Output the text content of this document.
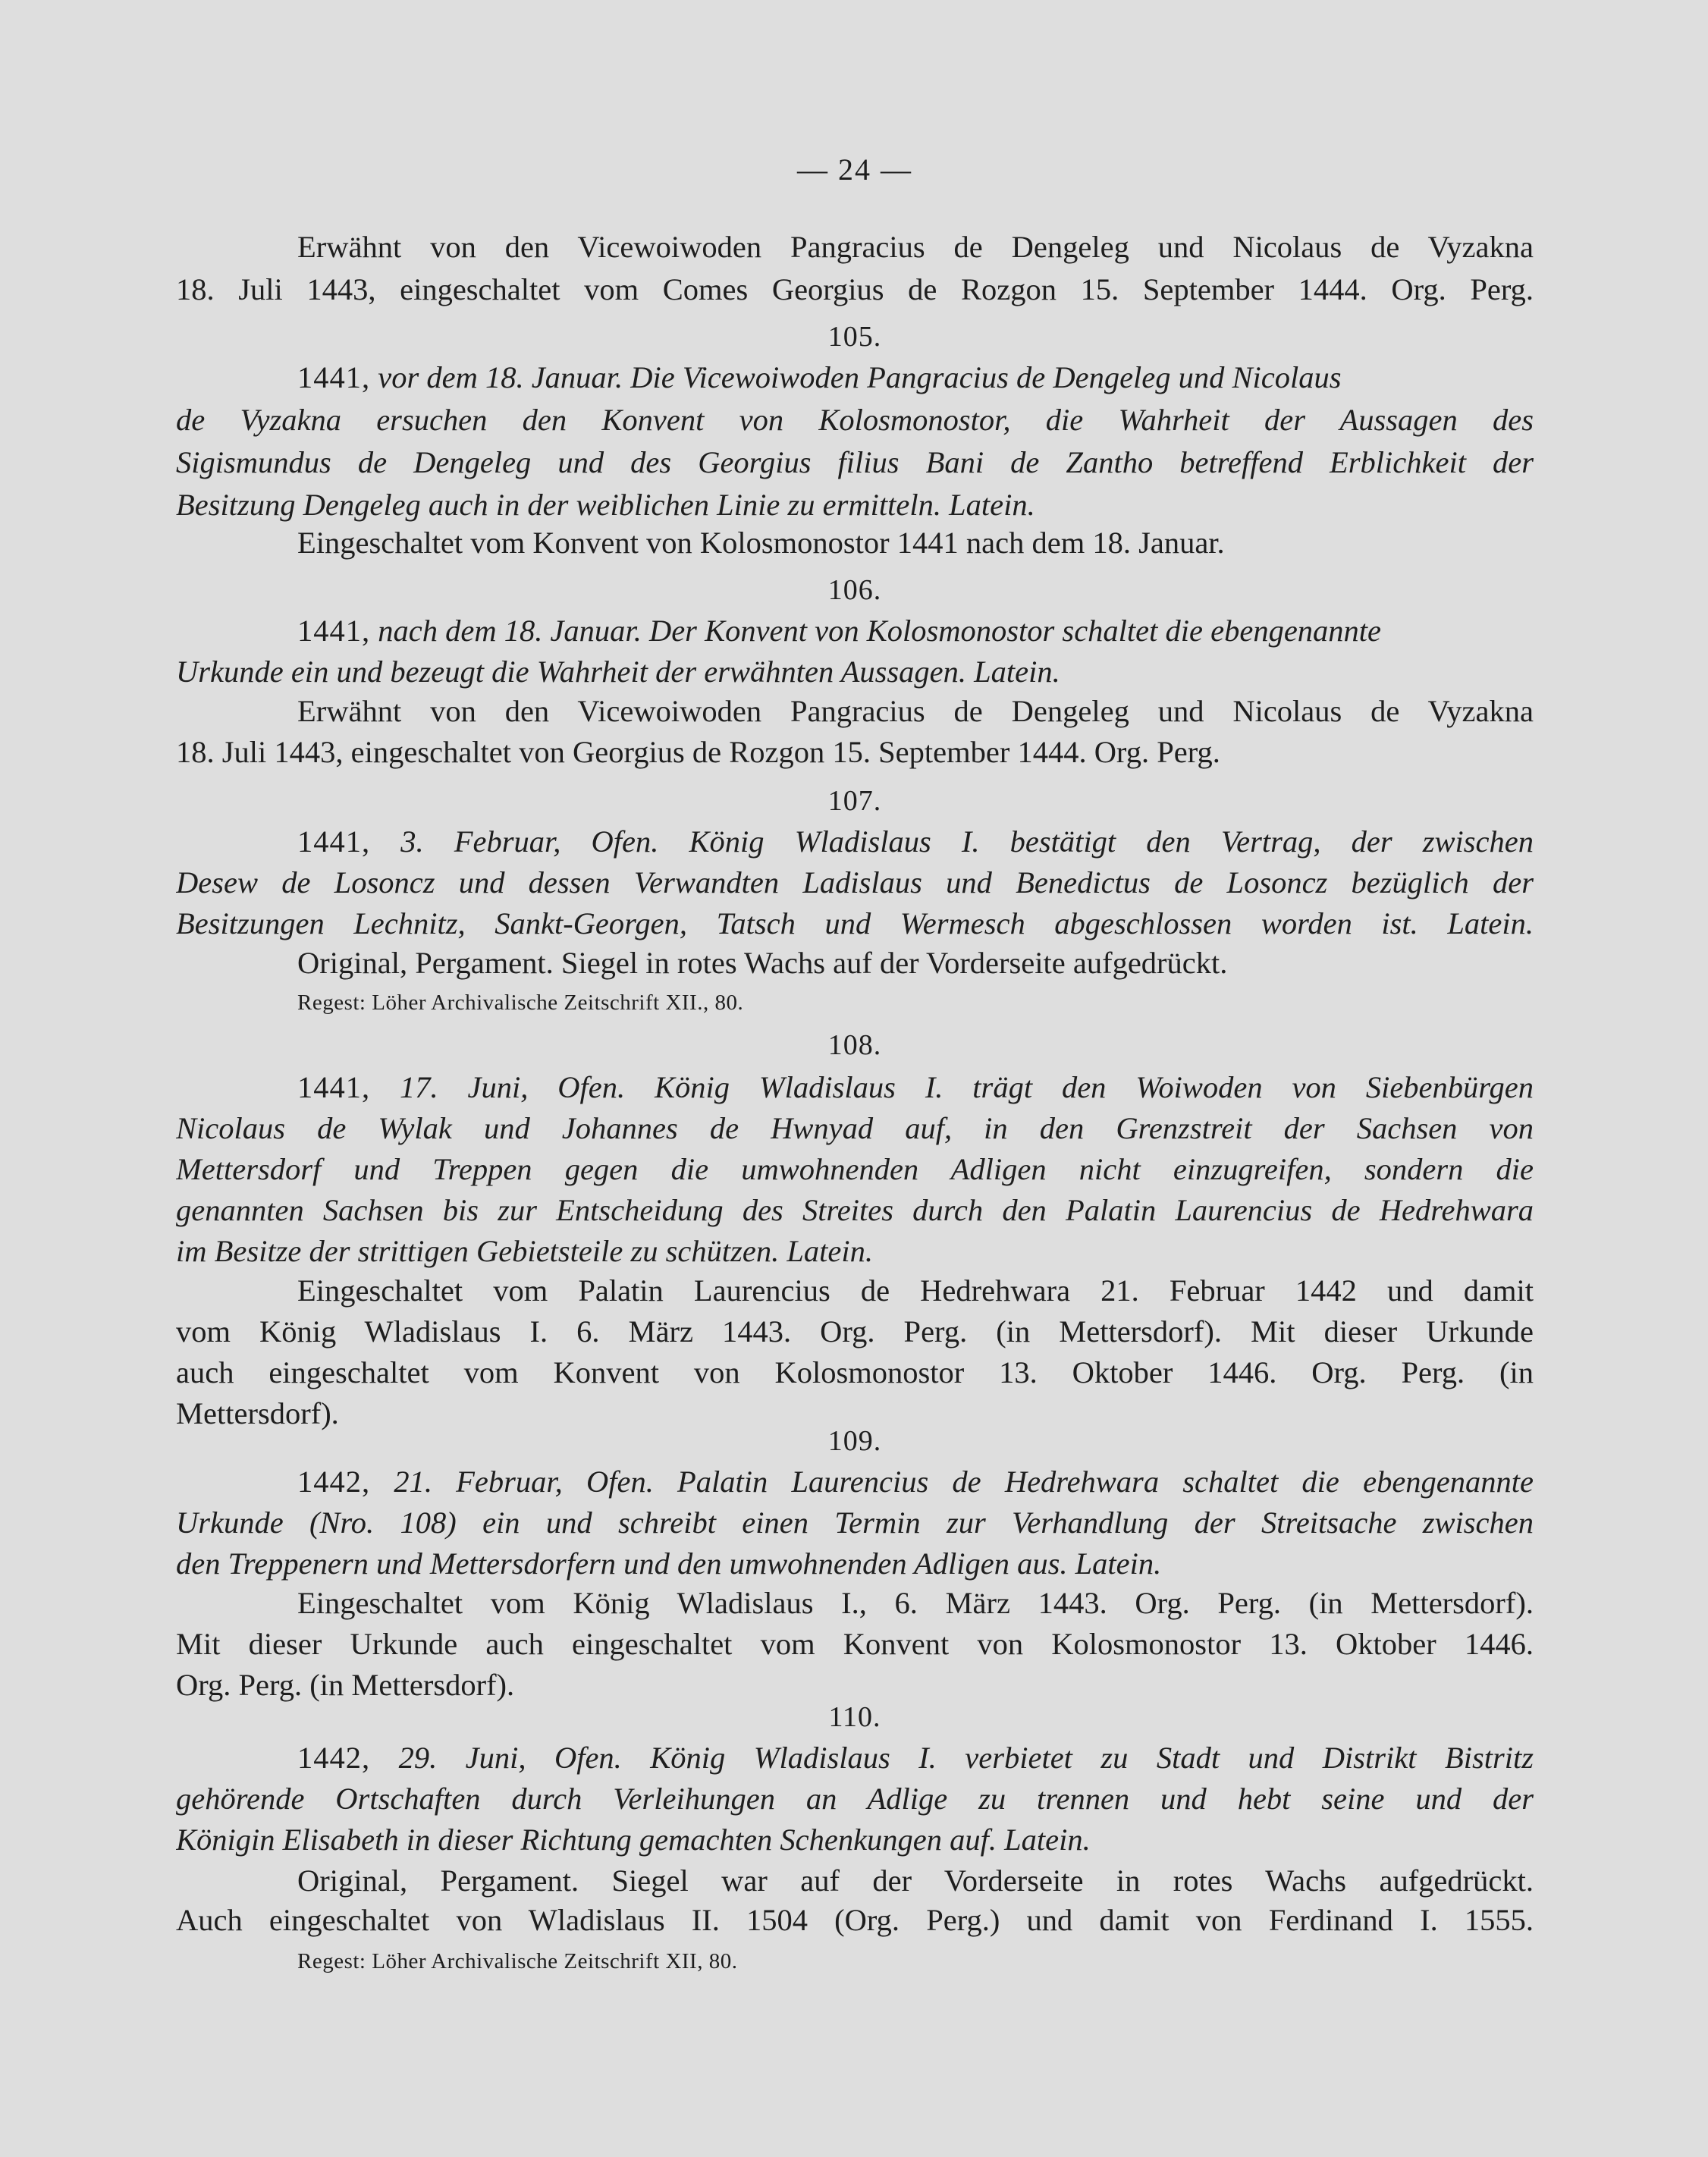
— 24 —
Erwähnt von den Vicewoiwoden Pangracius de Dengeleg und Nicolaus de Vyzakna
18. Juli 1443, eingeschaltet vom Comes Georgius de Rozgon 15. September 1444. Org. Perg.
105.
1441, vor dem 18. Januar. Die Vicewoiwoden Pangracius de Dengeleg und Nicolaus
de Vyzakna ersuchen den Konvent von Kolosmonostor, die Wahrheit der Aussagen des
Sigismundus de Dengeleg und des Georgius filius Bani de Zantho betreffend Erblichkeit der
Besitzung Dengeleg auch in der weiblichen Linie zu ermitteln. Latein.
Eingeschaltet vom Konvent von Kolosmonostor 1441 nach dem 18. Januar.
106.
1441, nach dem 18. Januar. Der Konvent von Kolosmonostor schaltet die ebengenannte
Urkunde ein und bezeugt die Wahrheit der erwähnten Aussagen. Latein.
Erwähnt von den Vicewoiwoden Pangracius de Dengeleg und Nicolaus de Vyzakna
18. Juli 1443, eingeschaltet von Georgius de Rozgon 15. September 1444. Org. Perg.
107.
1441, 3. Februar, Ofen. König Wladislaus I. bestätigt den Vertrag, der zwischen
Desew de Losoncz und dessen Verwandten Ladislaus und Benedictus de Losoncz bezüglich der
Besitzungen Lechnitz, Sankt-Georgen, Tatsch und Wermesch abgeschlossen worden ist. Latein.
Original, Pergament. Siegel in rotes Wachs auf der Vorderseite aufgedrückt.
Regest: Löher Archivalische Zeitschrift XII., 80.
108.
1441, 17. Juni, Ofen. König Wladislaus I. trägt den Woiwoden von Siebenbürgen
Nicolaus de Wylak und Johannes de Hwnyad auf, in den Grenzstreit der Sachsen von
Mettersdorf und Treppen gegen die umwohnenden Adligen nicht einzugreifen, sondern die
genannten Sachsen bis zur Entscheidung des Streites durch den Palatin Laurencius de Hedrehwara
im Besitze der strittigen Gebietsteile zu schützen. Latein.
Eingeschaltet vom Palatin Laurencius de Hedrehwara 21. Februar 1442 und damit
vom König Wladislaus I. 6. März 1443. Org. Perg. (in Mettersdorf). Mit dieser Urkunde
auch eingeschaltet vom Konvent von Kolosmonostor 13. Oktober 1446. Org. Perg. (in
Mettersdorf).
109.
1442, 21. Februar, Ofen. Palatin Laurencius de Hedrehwara schaltet die ebengenannte
Urkunde (Nro. 108) ein und schreibt einen Termin zur Verhandlung der Streitsache zwischen
den Treppenern und Mettersdorfern und den umwohnenden Adligen aus. Latein.
Eingeschaltet vom König Wladislaus I., 6. März 1443. Org. Perg. (in Mettersdorf).
Mit dieser Urkunde auch eingeschaltet vom Konvent von Kolosmonostor 13. Oktober 1446.
Org. Perg. (in Mettersdorf).
110.
1442, 29. Juni, Ofen. König Wladislaus I. verbietet zu Stadt und Distrikt Bistritz
gehörende Ortschaften durch Verleihungen an Adlige zu trennen und hebt seine und der
Königin Elisabeth in dieser Richtung gemachten Schenkungen auf. Latein.
Original, Pergament. Siegel war auf der Vorderseite in rotes Wachs aufgedrückt.
Auch eingeschaltet von Wladislaus II. 1504 (Org. Perg.) und damit von Ferdinand I. 1555.
Regest: Löher Archivalische Zeitschrift XII, 80.
